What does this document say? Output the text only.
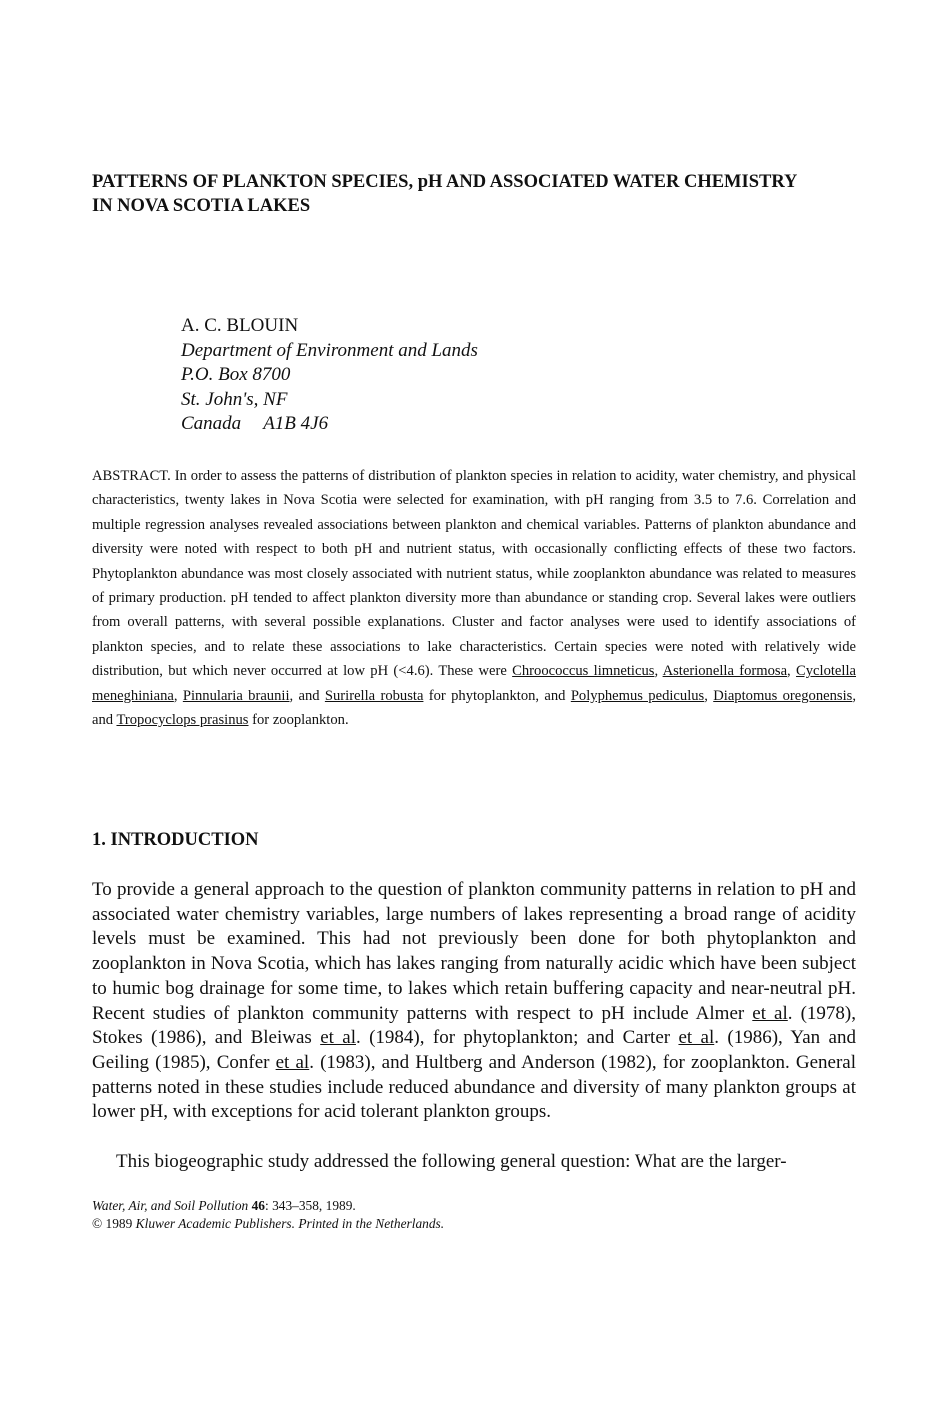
PATTERNS OF PLANKTON SPECIES, pH AND ASSOCIATED WATER CHEMISTRY
IN NOVA SCOTIA LAKES
A. C. BLOUIN
Department of Environment and Lands
P.O. Box 8700
St. John's, NF
Canada A1B 4J6

ABSTRACT. In order to assess the patterns of distribution of plankton species in relation to acidity, water chemistry, and physical characteristics, twenty lakes in Nova Scotia were selected for examination, with pH ranging from 3.5 to 7.6. Correlation and multiple regression analyses revealed associations between plankton and chemical variables. Patterns of plankton abundance and diversity were noted with respect to both pH and nutrient status, with occasionally conflicting effects of these two factors. Phytoplankton abundance was most closely associated with nutrient status, while zooplankton abundance was related to measures of primary production. pH tended to affect plankton diversity more than abundance or standing crop. Several lakes were outliers from overall patterns, with several possible explanations. Cluster and factor analyses were used to identify associations of plankton species, and to relate these associations to lake characteristics. Certain species were noted with relatively wide distribution, but which never occurred at low pH (<4.6). These were Chroococcus limneticus, Asterionella formosa, Cyclotella meneghiniana, Pinnularia braunii, and Surirella robusta for phytoplankton, and Polyphemus pediculus, Diaptomus oregonensis, and Tropocyclops prasinus for zooplankton.

1. INTRODUCTION

To provide a general approach to the question of plankton community patterns in relation to pH and associated water chemistry variables, large numbers of lakes representing a broad range of acidity levels must be examined. This had not previously been done for both phytoplankton and zooplankton in Nova Scotia, which has lakes ranging from naturally acidic which have been subject to humic bog drainage for some time, to lakes which retain buffering capacity and near-neutral pH. Recent studies of plankton community patterns with respect to pH include Almer et al. (1978), Stokes (1986), and Bleiwas et al. (1984), for phytoplankton; and Carter et al. (1986), Yan and Geiling (1985), Confer et al. (1983), and Hultberg and Anderson (1982), for zooplankton. General patterns noted in these studies include reduced abundance and diversity of many plankton groups at lower pH, with exceptions for acid tolerant plankton groups.

This biogeographic study addressed the following general question: What are the larger-

Water, Air, and Soil Pollution 46: 343–358, 1989.
© 1989 Kluwer Academic Publishers. Printed in the Netherlands.
